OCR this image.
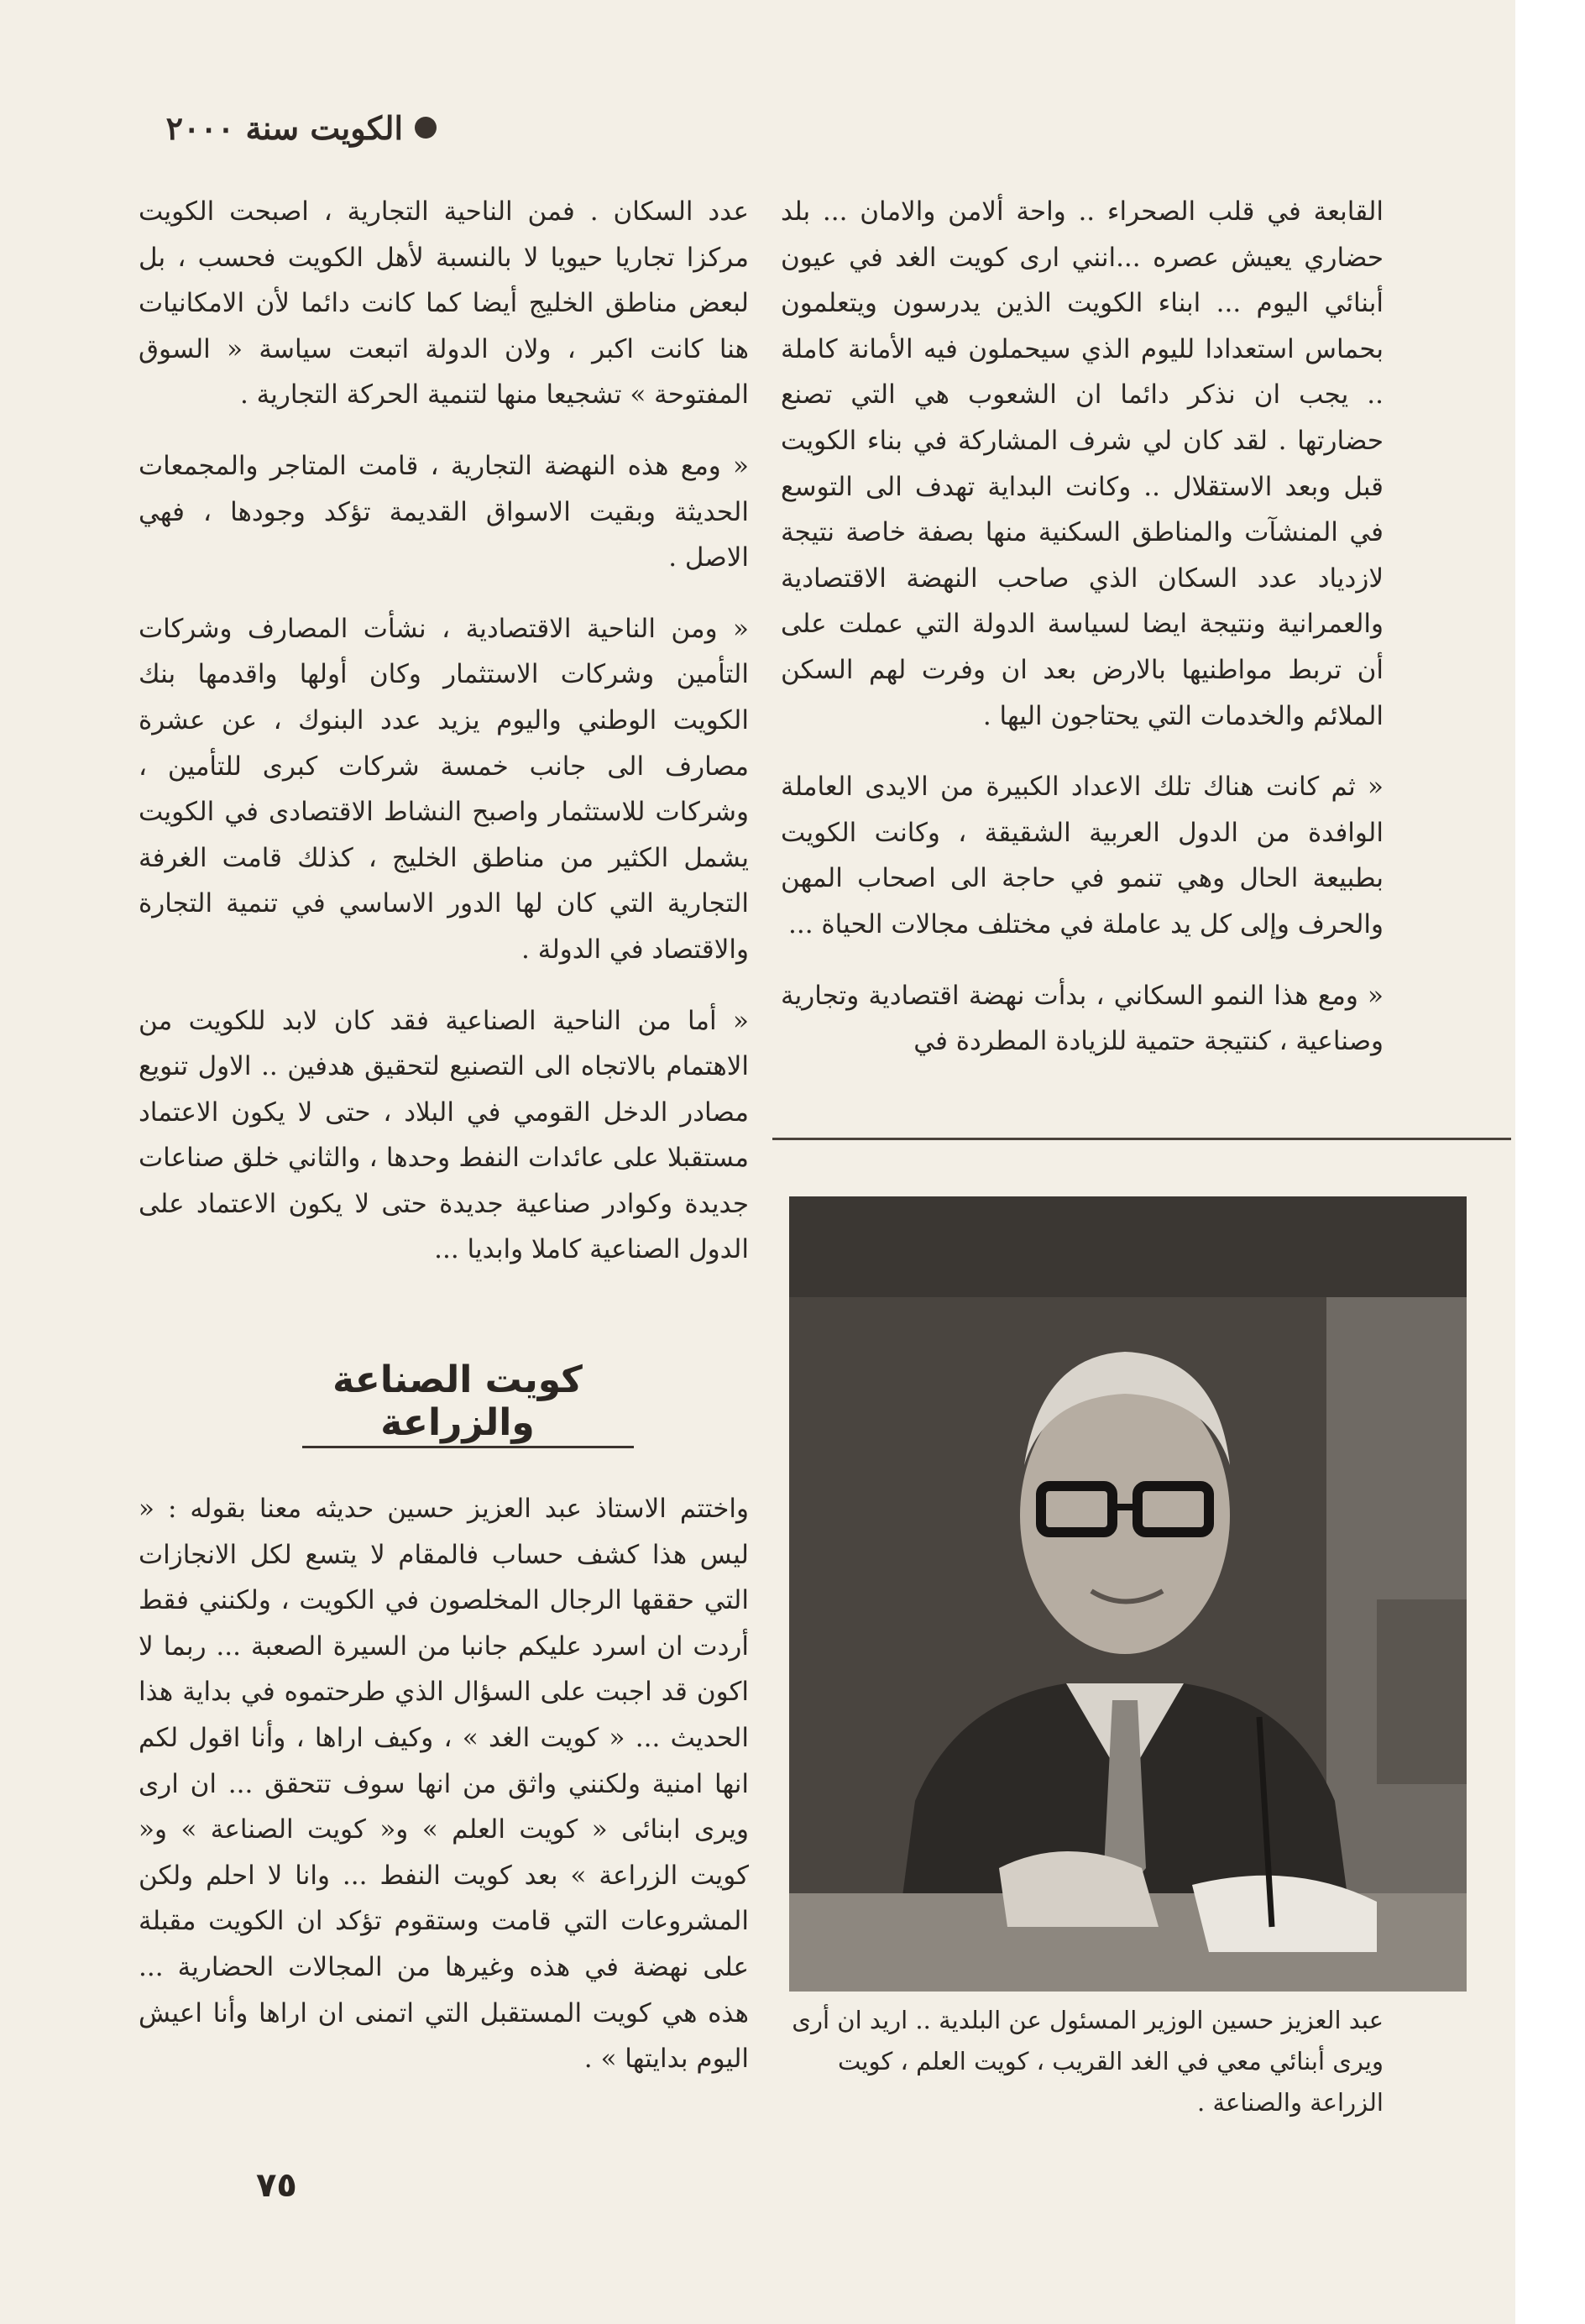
الكويت سنة ٢٠٠٠

القابعة في قلب الصحراء .. واحة ألامن والامان ... بلد حضاري يعيش عصره ...انني ارى كويت الغد في عيون أبنائي اليوم ... ابناء الكويت الذين يدرسون ويتعلمون بحماس استعدادا لليوم الذي سيحملون فيه الأمانة كاملة .. يجب ان نذكر دائما ان الشعوب هي التي تصنع حضارتها . لقد كان لي شرف المشاركة في بناء الكويت قبل وبعد الاستقلال .. وكانت البداية تهدف الى التوسع في المنشآت والمناطق السكنية منها بصفة خاصة نتيجة لازدياد عدد السكان الذي صاحب النهضة الاقتصادية والعمرانية ونتيجة ايضا لسياسة الدولة التي عملت على أن تربط مواطنيها بالارض بعد ان وفرت لهم السكن الملائم والخدمات التي يحتاجون اليها .

« ثم كانت هناك تلك الاعداد الكبيرة من الايدى العاملة الوافدة من الدول العربية الشقيقة ، وكانت الكويت بطبيعة الحال وهي تنمو في حاجة الى اصحاب المهن والحرف وإلى كل يد عاملة في مختلف مجالات الحياة ...

« ومع هذا النمو السكاني ، بدأت نهضة اقتصادية وتجارية وصناعية ، كنتيجة حتمية للزيادة المطردة في

عبد العزيز حسين الوزير المسئول عن البلدية .. اريد ان أرى ويرى أبنائي معي في الغد القريب ، كويت العلم ، كويت الزراعة والصناعة .

عدد السكان . فمن الناحية التجارية ، اصبحت الكويت مركزا تجاريا حيويا لا بالنسبة لأهل الكويت فحسب ، بل لبعض مناطق الخليج أيضا كما كانت دائما لأن الامكانيات هنا كانت اكبر ، ولان الدولة اتبعت سياسة « السوق المفتوحة » تشجيعا منها لتنمية الحركة التجارية .

« ومع هذه النهضة التجارية ، قامت المتاجر والمجمعات الحديثة وبقيت الاسواق القديمة تؤكد وجودها ، فهي الاصل .

« ومن الناحية الاقتصادية ، نشأت المصارف وشركات التأمين وشركات الاستثمار وكان أولها واقدمها بنك الكويت الوطني واليوم يزيد عدد البنوك ، عن عشرة مصارف الى جانب خمسة شركات كبرى للتأمين ، وشركات للاستثمار واصبح النشاط الاقتصادى في الكويت يشمل الكثير من مناطق الخليج ، كذلك قامت الغرفة التجارية التي كان لها الدور الاساسي في تنمية التجارة والاقتصاد في الدولة .

« أما من الناحية الصناعية فقد كان لابد للكويت من الاهتمام بالاتجاه الى التصنيع لتحقيق هدفين .. الاول تنويع مصادر الدخل القومي في البلاد ، حتى لا يكون الاعتماد مستقبلا على عائدات النفط وحدها ، والثاني خلق صناعات جديدة وكوادر صناعية جديدة حتى لا يكون الاعتماد على الدول الصناعية كاملا وابديا ...

كويت الصناعة والزراعة

واختتم الاستاذ عبد العزيز حسين حديثه معنا بقوله : « ليس هذا كشف حساب فالمقام لا يتسع لكل الانجازات التي حققها الرجال المخلصون في الكويت ، ولكنني فقط أردت ان اسرد عليكم جانبا من السيرة الصعبة ... ربما لا اكون قد اجبت على السؤال الذي طرحتموه في بداية هذا الحديث ... « كويت الغد » ، وكيف اراها ، وأنا اقول لكم انها امنية ولكنني واثق من انها سوف تتحقق ... ان ارى ويرى ابنائى « كويت العلم » و« كويت الصناعة » و« كويت الزراعة » بعد كويت النفط ... وانا لا احلم ولكن المشروعات التي قامت وستقوم تؤكد ان الكويت مقبلة على نهضة في هذه وغيرها من المجالات الحضارية ... هذه هي كويت المستقبل التي اتمنى ان اراها وأنا اعيش اليوم بدايتها » .

٧٥
